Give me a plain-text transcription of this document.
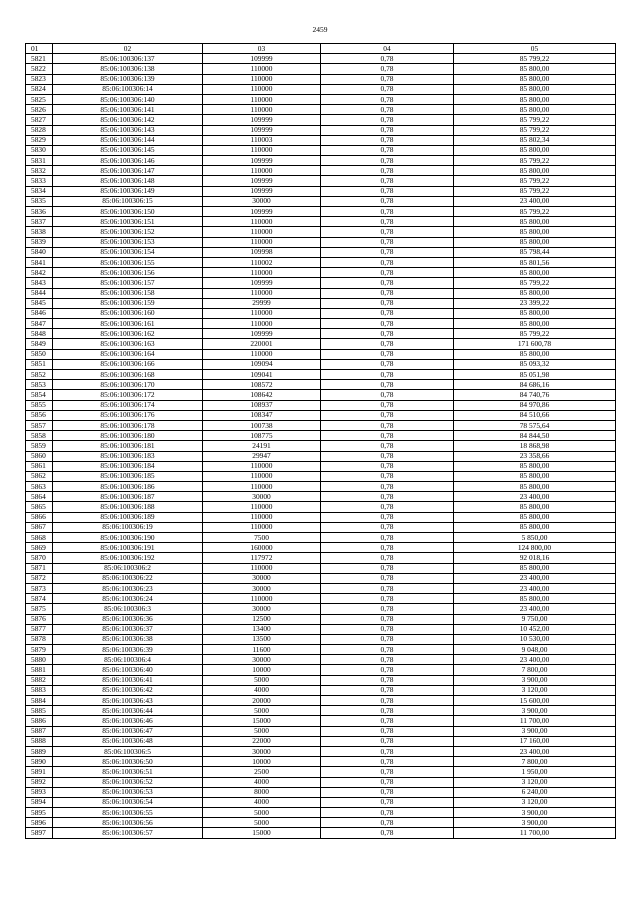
2459
01	02	03	04	05
5821	85:06:100306:137	109999	0,78	85 799,22
5822	85:06:100306:138	110000	0,78	85 800,00
5823	85:06:100306:139	110000	0,78	85 800,00
5824	85:06:100306:14	110000	0,78	85 800,00
5825	85:06:100306:140	110000	0,78	85 800,00
5826	85:06:100306:141	110000	0,78	85 800,00
5827	85:06:100306:142	109999	0,78	85 799,22
5828	85:06:100306:143	109999	0,78	85 799,22
5829	85:06:100306:144	110003	0,78	85 802,34
5830	85:06:100306:145	110000	0,78	85 800,00
5831	85:06:100306:146	109999	0,78	85 799,22
5832	85:06:100306:147	110000	0,78	85 800,00
5833	85:06:100306:148	109999	0,78	85 799,22
5834	85:06:100306:149	109999	0,78	85 799,22
5835	85:06:100306:15	30000	0,78	23 400,00
5836	85:06:100306:150	109999	0,78	85 799,22
5837	85:06:100306:151	110000	0,78	85 800,00
5838	85:06:100306:152	110000	0,78	85 800,00
5839	85:06:100306:153	110000	0,78	85 800,00
5840	85:06:100306:154	109998	0,78	85 798,44
5841	85:06:100306:155	110002	0,78	85 801,56
5842	85:06:100306:156	110000	0,78	85 800,00
5843	85:06:100306:157	109999	0,78	85 799,22
5844	85:06:100306:158	110000	0,78	85 800,00
5845	85:06:100306:159	29999	0,78	23 399,22
5846	85:06:100306:160	110000	0,78	85 800,00
5847	85:06:100306:161	110000	0,78	85 800,00
5848	85:06:100306:162	109999	0,78	85 799,22
5849	85:06:100306:163	220001	0,78	171 600,78
5850	85:06:100306:164	110000	0,78	85 800,00
5851	85:06:100306:166	109094	0,78	85 093,32
5852	85:06:100306:168	109041	0,78	85 051,98
5853	85:06:100306:170	108572	0,78	84 686,16
5854	85:06:100306:172	108642	0,78	84 740,76
5855	85:06:100306:174	108937	0,78	84 970,86
5856	85:06:100306:176	108347	0,78	84 510,66
5857	85:06:100306:178	100738	0,78	78 575,64
5858	85:06:100306:180	108775	0,78	84 844,50
5859	85:06:100306:181	24191	0,78	18 868,98
5860	85:06:100306:183	29947	0,78	23 358,66
5861	85:06:100306:184	110000	0,78	85 800,00
5862	85:06:100306:185	110000	0,78	85 800,00
5863	85:06:100306:186	110000	0,78	85 800,00
5864	85:06:100306:187	30000	0,78	23 400,00
5865	85:06:100306:188	110000	0,78	85 800,00
5866	85:06:100306:189	110000	0,78	85 800,00
5867	85:06:100306:19	110000	0,78	85 800,00
5868	85:06:100306:190	7500	0,78	5 850,00
5869	85:06:100306:191	160000	0,78	124 800,00
5870	85:06:100306:192	117972	0,78	92 018,16
5871	85:06:100306:2	110000	0,78	85 800,00
5872	85:06:100306:22	30000	0,78	23 400,00
5873	85:06:100306:23	30000	0,78	23 400,00
5874	85:06:100306:24	110000	0,78	85 800,00
5875	85:06:100306:3	30000	0,78	23 400,00
5876	85:06:100306:36	12500	0,78	9 750,00
5877	85:06:100306:37	13400	0,78	10 452,00
5878	85:06:100306:38	13500	0,78	10 530,00
5879	85:06:100306:39	11600	0,78	9 048,00
5880	85:06:100306:4	30000	0,78	23 400,00
5881	85:06:100306:40	10000	0,78	7 800,00
5882	85:06:100306:41	5000	0,78	3 900,00
5883	85:06:100306:42	4000	0,78	3 120,00
5884	85:06:100306:43	20000	0,78	15 600,00
5885	85:06:100306:44	5000	0,78	3 900,00
5886	85:06:100306:46	15000	0,78	11 700,00
5887	85:06:100306:47	5000	0,78	3 900,00
5888	85:06:100306:48	22000	0,78	17 160,00
5889	85:06:100306:5	30000	0,78	23 400,00
5890	85:06:100306:50	10000	0,78	7 800,00
5891	85:06:100306:51	2500	0,78	1 950,00
5892	85:06:100306:52	4000	0,78	3 120,00
5893	85:06:100306:53	8000	0,78	6 240,00
5894	85:06:100306:54	4000	0,78	3 120,00
5895	85:06:100306:55	5000	0,78	3 900,00
5896	85:06:100306:56	5000	0,78	3 900,00
5897	85:06:100306:57	15000	0,78	11 700,00
